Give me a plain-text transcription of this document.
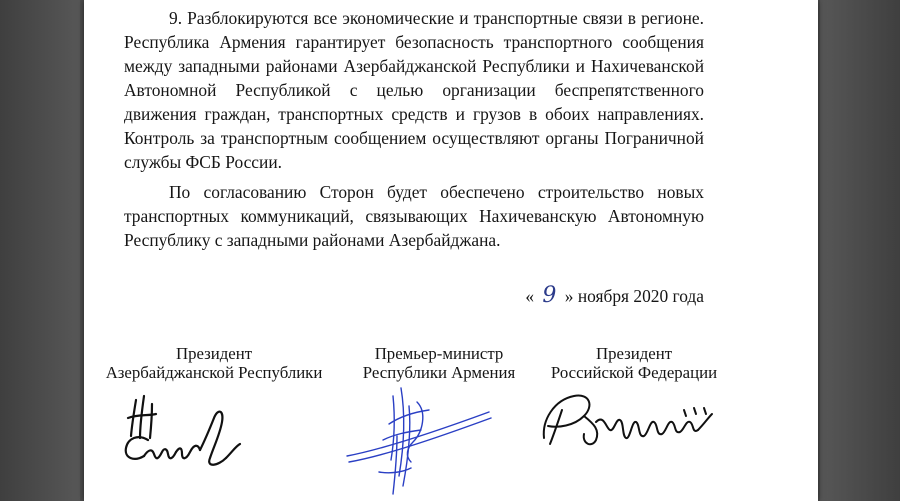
9. Разблокируются все экономические и транспортные связи в регионе.
Республика Армения гарантирует безопасность транспортного сообщения
между западными районами Азербайджанской Республики и Нахичеванской
Автономной Республикой с целью организации беспрепятственного
движения граждан, транспортных средств и грузов в обоих направлениях.
Контроль за транспортным сообщением осуществляют органы Пограничной
службы ФСБ России.
По согласованию Сторон будет обеспечено строительство новых
транспортных коммуникаций, связывающих Нахичеванскую Автономную
Республику с западными районами Азербайджана.
« 9 » ноября 2020 года
Президент
Азербайджанской Республики
Премьер-министр
Республики Армения
Президент
Российской Федерации
